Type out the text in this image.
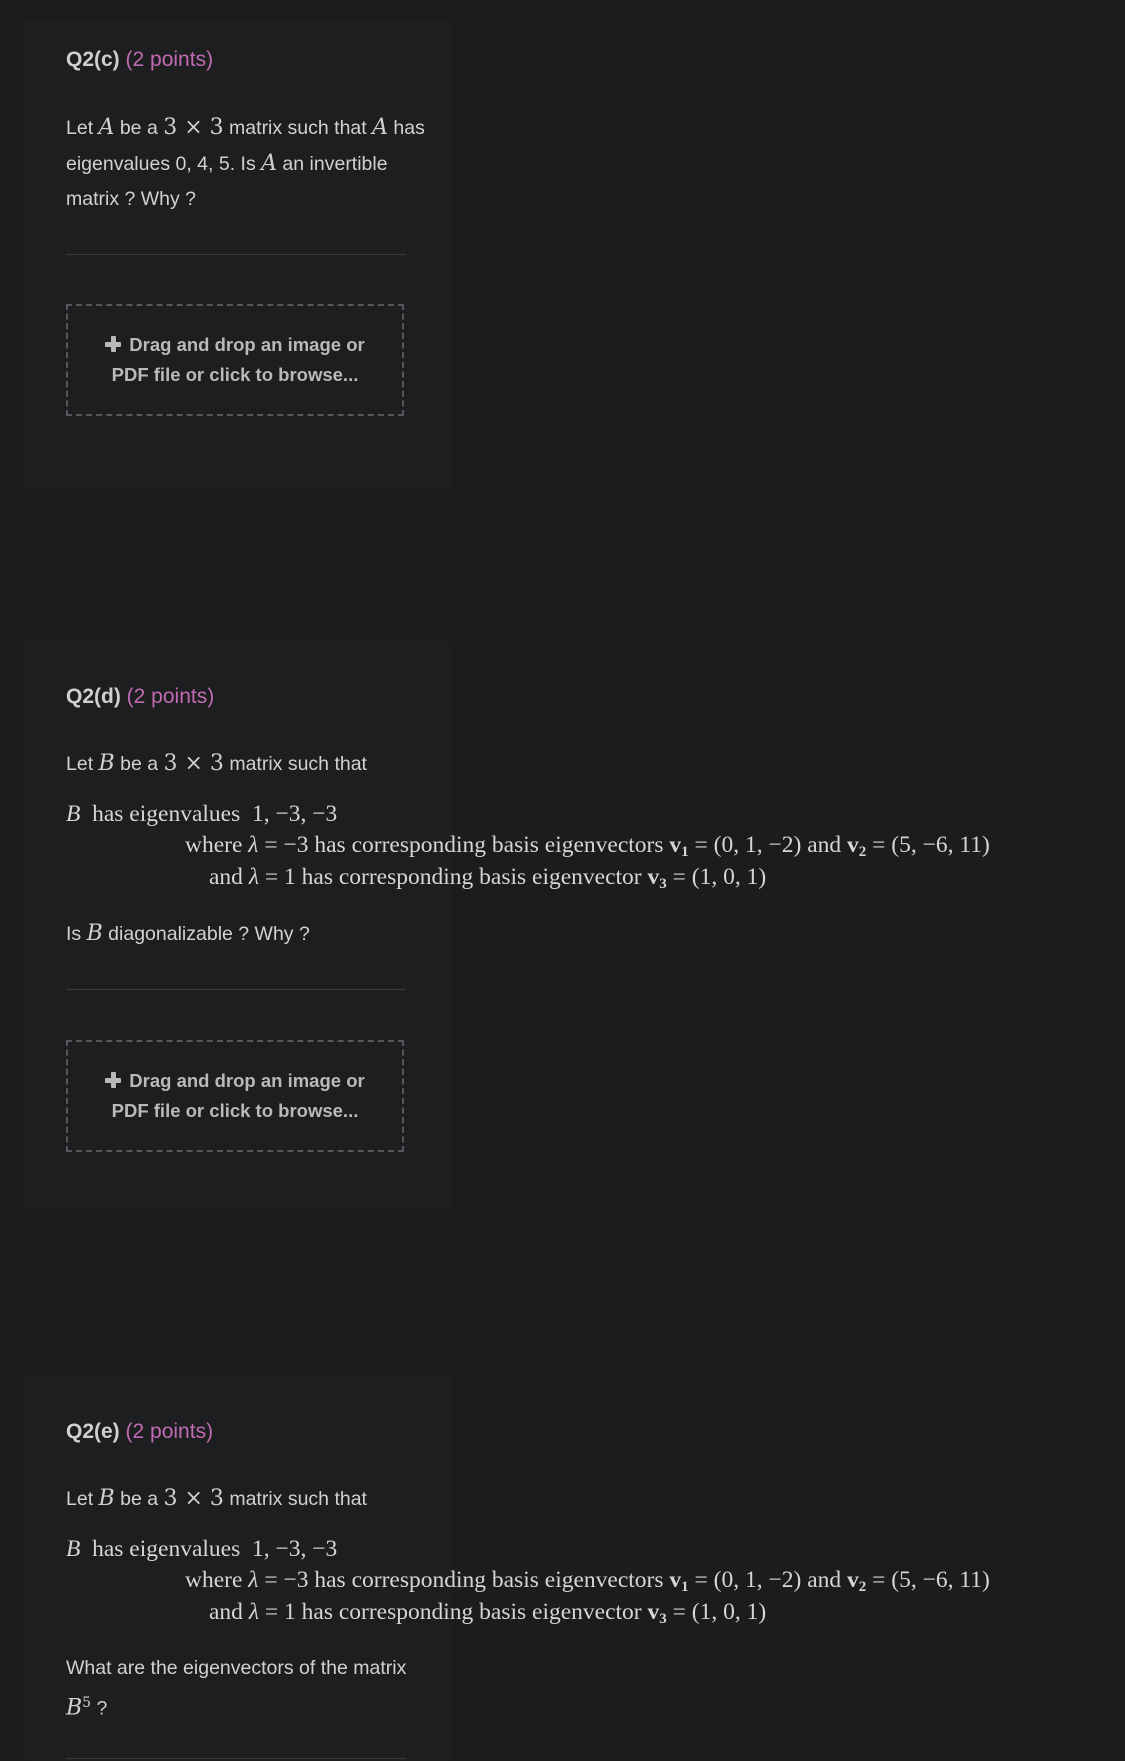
Q2(c) (2 points)
Let A be a 3 × 3 matrix such that A has eigenvalues 0, 4, 5. Is A an invertible matrix ? Why ?
Drag and drop an image or PDF file or click to browse...
Q2(d) (2 points)
Let B be a 3 × 3 matrix such that
B has eigenvalues 1, −3, −3
where λ = −3 has corresponding basis eigenvectors v1 = (0, 1, −2) and v2 = (5, −6, 11)
and λ = 1 has corresponding basis eigenvector v3 = (1, 0, 1)
Is B diagonalizable ? Why ?
Drag and drop an image or PDF file or click to browse...
Q2(e) (2 points)
Let B be a 3 × 3 matrix such that
B has eigenvalues 1, −3, −3
where λ = −3 has corresponding basis eigenvectors v1 = (0, 1, −2) and v2 = (5, −6, 11)
and λ = 1 has corresponding basis eigenvector v3 = (1, 0, 1)
What are the eigenvectors of the matrix $B^5$ ?
